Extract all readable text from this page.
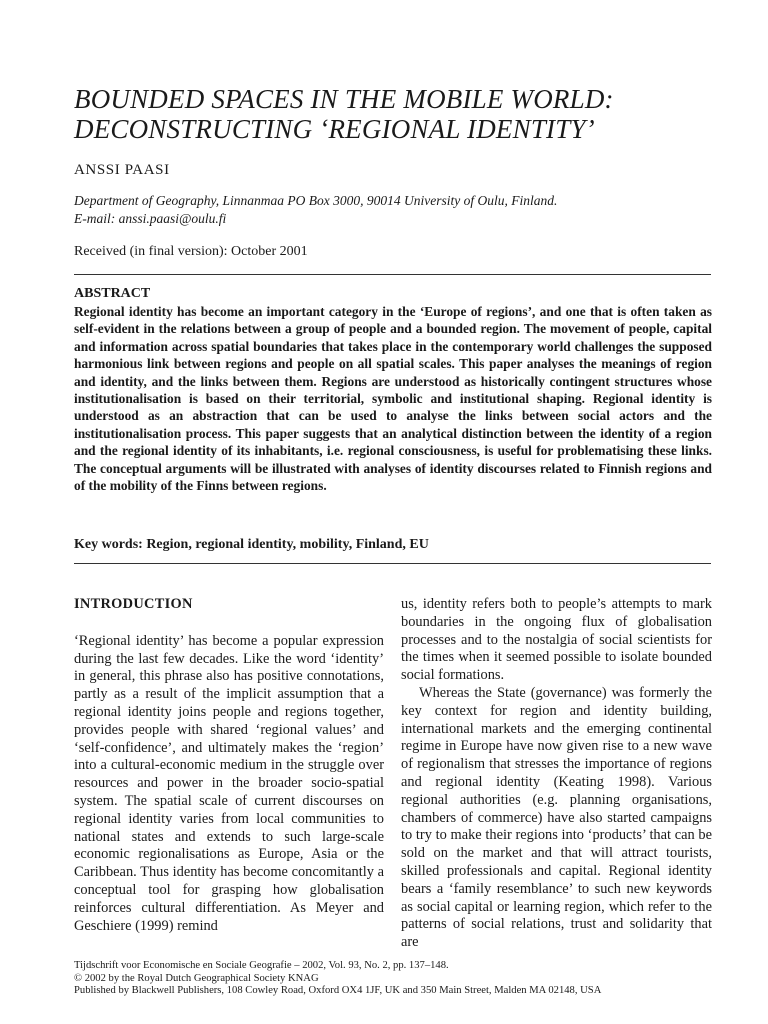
BOUNDED SPACES IN THE MOBILE WORLD:
DECONSTRUCTING ‘REGIONAL IDENTITY’
ANSSI PAASI
Department of Geography, Linnanmaa PO Box 3000, 90014 University of Oulu, Finland.
E-mail: anssi.paasi@oulu.fi
Received (in final version): October 2001
ABSTRACT
Regional identity has become an important category in the ‘Europe of regions’, and one that is often taken as self-evident in the relations between a group of people and a bounded region. The movement of people, capital and information across spatial boundaries that takes place in the contemporary world challenges the supposed harmonious link between regions and people on all spatial scales. This paper analyses the meanings of region and identity, and the links between them. Regions are understood as historically contingent structures whose institutionalisation is based on their territorial, symbolic and institutional shaping. Regional identity is understood as an abstraction that can be used to analyse the links between social actors and the institutionalisation process. This paper suggests that an analytical distinction between the identity of a region and the regional identity of its inhabitants, i.e. regional consciousness, is useful for problematising these links. The conceptual arguments will be illustrated with analyses of identity discourses related to Finnish regions and of the mobility of the Finns between regions.
Key words: Region, regional identity, mobility, Finland, EU
INTRODUCTION

‘Regional identity’ has become a popular expression during the last few decades. Like the word ‘identity’ in general, this phrase also has positive connotations, partly as a result of the implicit assumption that a regional identity joins people and regions together, provides people with shared ‘regional values’ and ‘self-confidence’, and ultimately makes the ‘region’ into a cultural-economic medium in the struggle over resources and power in the broader socio-spatial system. The spatial scale of current discourses on regional identity varies from local communities to national states and extends to such large-scale economic regionalisations as Europe, Asia or the Caribbean. Thus identity has become concomitantly a conceptual tool for grasping how globalisation reinforces cultural differentiation. As Meyer and Geschiere (1999) remind

us, identity refers both to people’s attempts to mark boundaries in the ongoing flux of globalisation processes and to the nostalgia of social scientists for the times when it seemed possible to isolate bounded social formations.

Whereas the State (governance) was formerly the key context for region and identity building, international markets and the emerging continental regime in Europe have now given rise to a new wave of regionalism that stresses the importance of regions and regional identity (Keating 1998). Various regional authorities (e.g. planning organisations, chambers of commerce) have also started campaigns to try to make their regions into ‘products’ that can be sold on the market and that will attract tourists, skilled professionals and capital. Regional identity bears a ‘family resemblance’ to such new keywords as social capital or learning region, which refer to the patterns of social relations, trust and solidarity that are

Tijdschrift voor Economische en Sociale Geografie – 2002, Vol. 93, No. 2, pp. 137–148.
© 2002 by the Royal Dutch Geographical Society KNAG
Published by Blackwell Publishers, 108 Cowley Road, Oxford OX4 1JF, UK and 350 Main Street, Malden MA 02148, USA
